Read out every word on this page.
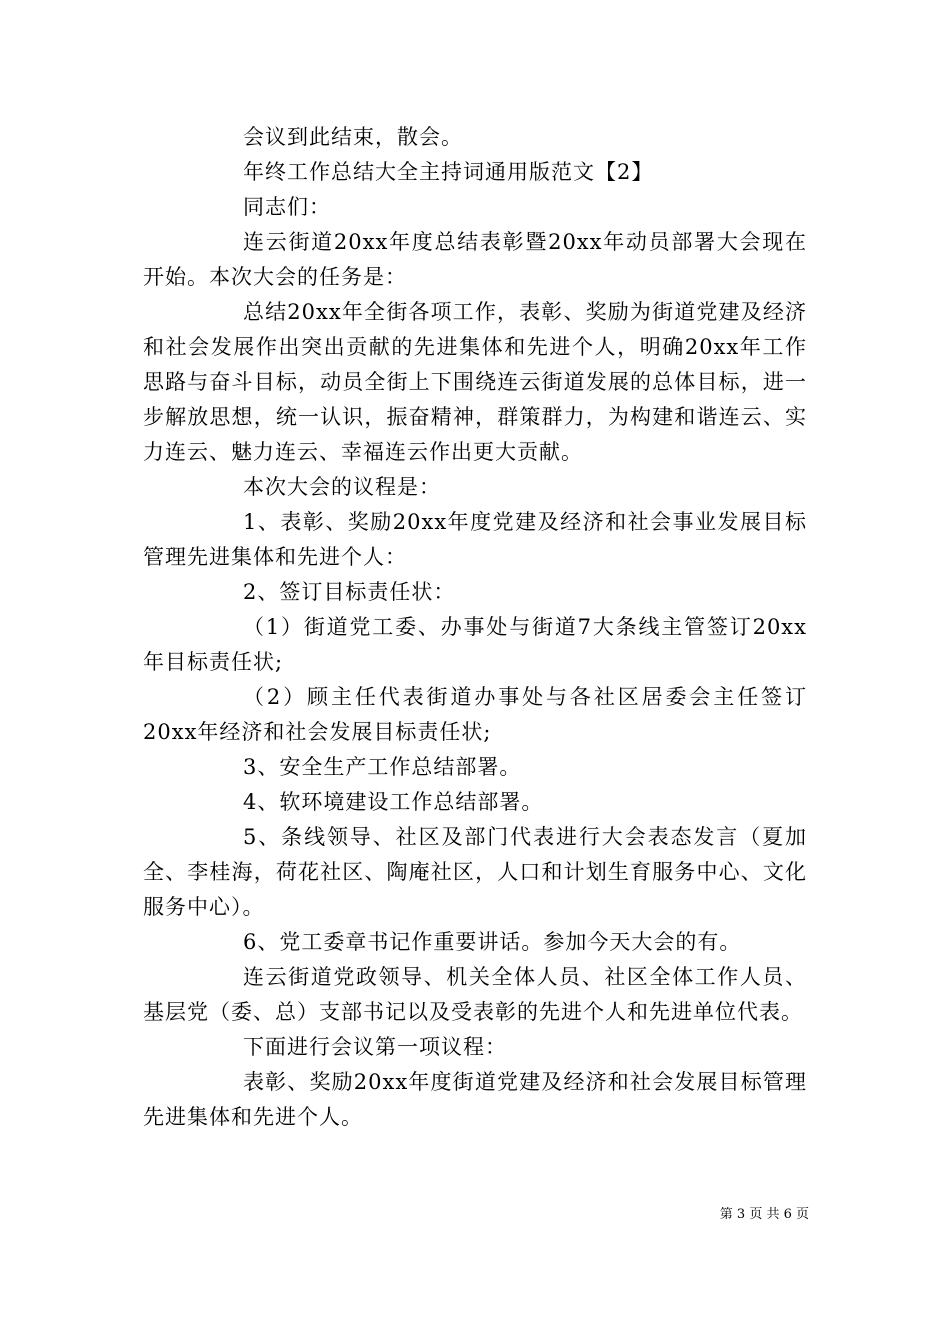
会议到此结束，散会。

年终工作总结大全主持词通用版范文【2】

同志们：

连云街道20xx年度总结表彰暨20xx年动员部署大会现在开始。本次大会的任务是：

总结20xx年全街各项工作，表彰、奖励为街道党建及经济和社会发展作出突出贡献的先进集体和先进个人，明确20xx年工作思路与奋斗目标，动员全街上下围绕连云街道发展的总体目标，进一步解放思想，统一认识，振奋精神，群策群力，为构建和谐连云、实力连云、魅力连云、幸福连云作出更大贡献。

本次大会的议程是：

1、表彰、奖励20xx年度党建及经济和社会事业发展目标管理先进集体和先进个人：

2、签订目标责任状：

（1）街道党工委、办事处与街道7大条线主管签订20xx年目标责任状;

（2）顾主任代表街道办事处与各社区居委会主任签订20xx年经济和社会发展目标责任状;

3、安全生产工作总结部署。

4、软环境建设工作总结部署。

5、条线领导、社区及部门代表进行大会表态发言（夏加全、李桂海，荷花社区、陶庵社区，人口和计划生育服务中心、文化服务中心）。

6、党工委章书记作重要讲话。参加今天大会的有。

连云街道党政领导、机关全体人员、社区全体工作人员、基层党（委、总）支部书记以及受表彰的先进个人和先进单位代表。

下面进行会议第一项议程：

表彰、奖励20xx年度街道党建及经济和社会发展目标管理先进集体和先进个人。

第 3 页 共 6 页
